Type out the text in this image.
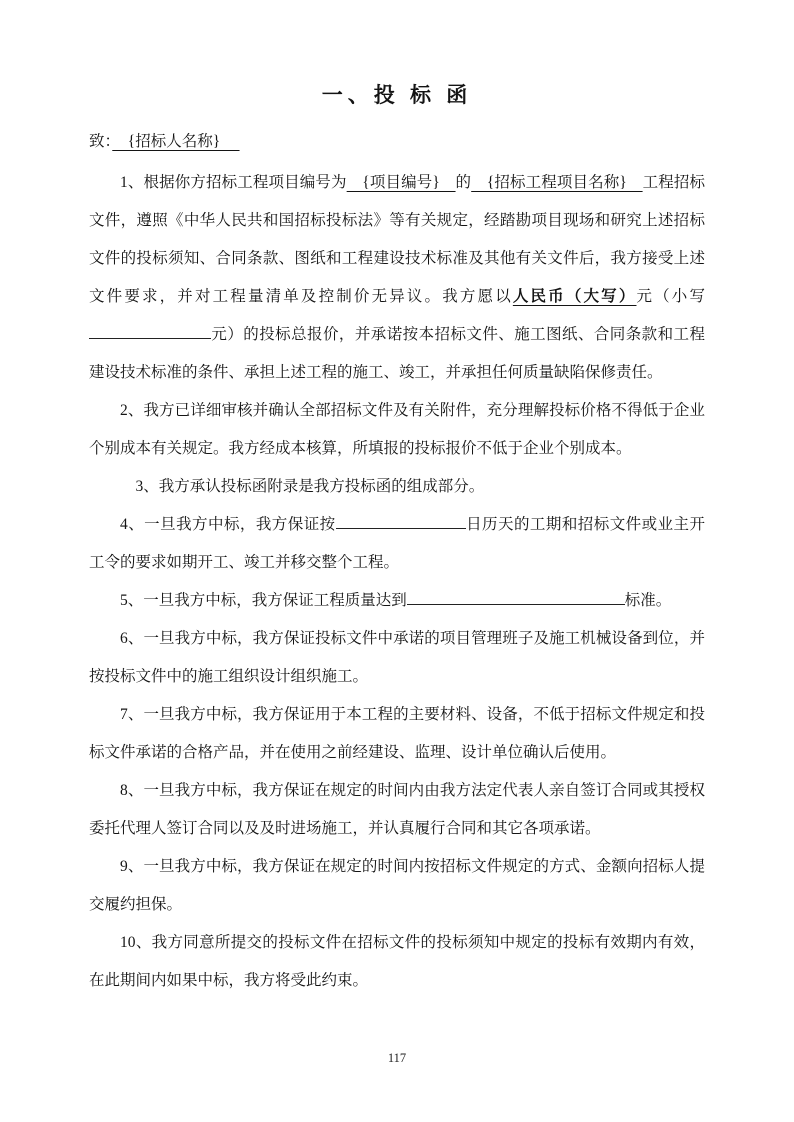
一、投 标 函
致：　{招标人名称}　

1、根据你方招标工程项目编号为　{项目编号}　的　{招标工程项目名称}　工程招标文件，遵照《中华人民共和国招标投标法》等有关规定，经踏勘项目现场和研究上述招标文件的投标须知、合同条款、图纸和工程建设技术标准及其他有关文件后，我方接受上述文件要求，并对工程量清单及控制价无异议。我方愿以人民币（大写）元（小写元）的投标总报价，并承诺按本招标文件、施工图纸、合同条款和工程建设技术标准的条件、承担上述工程的施工、竣工，并承担任何质量缺陷保修责任。

2、我方已详细审核并确认全部招标文件及有关附件，充分理解投标价格不得低于企业个别成本有关规定。我方经成本核算，所填报的投标报价不低于企业个别成本。

3、我方承认投标函附录是我方投标函的组成部分。

4、一旦我方中标，我方保证按	日历天的工期和招标文件或业主开工令的要求如期开工、竣工并移交整个工程。

5、一旦我方中标，我方保证工程质量达到	标准。

6、一旦我方中标，我方保证投标文件中承诺的项目管理班子及施工机械设备到位，并按投标文件中的施工组织设计组织施工。

7、一旦我方中标，我方保证用于本工程的主要材料、设备，不低于招标文件规定和投标文件承诺的合格产品，并在使用之前经建设、监理、设计单位确认后使用。

8、一旦我方中标，我方保证在规定的时间内由我方法定代表人亲自签订合同或其授权委托代理人签订合同以及及时进场施工，并认真履行合同和其它各项承诺。

9、一旦我方中标，我方保证在规定的时间内按招标文件规定的方式、金额向招标人提交履约担保。

10、我方同意所提交的投标文件在招标文件的投标须知中规定的投标有效期内有效，在此期间内如果中标，我方将受此约束。

117
